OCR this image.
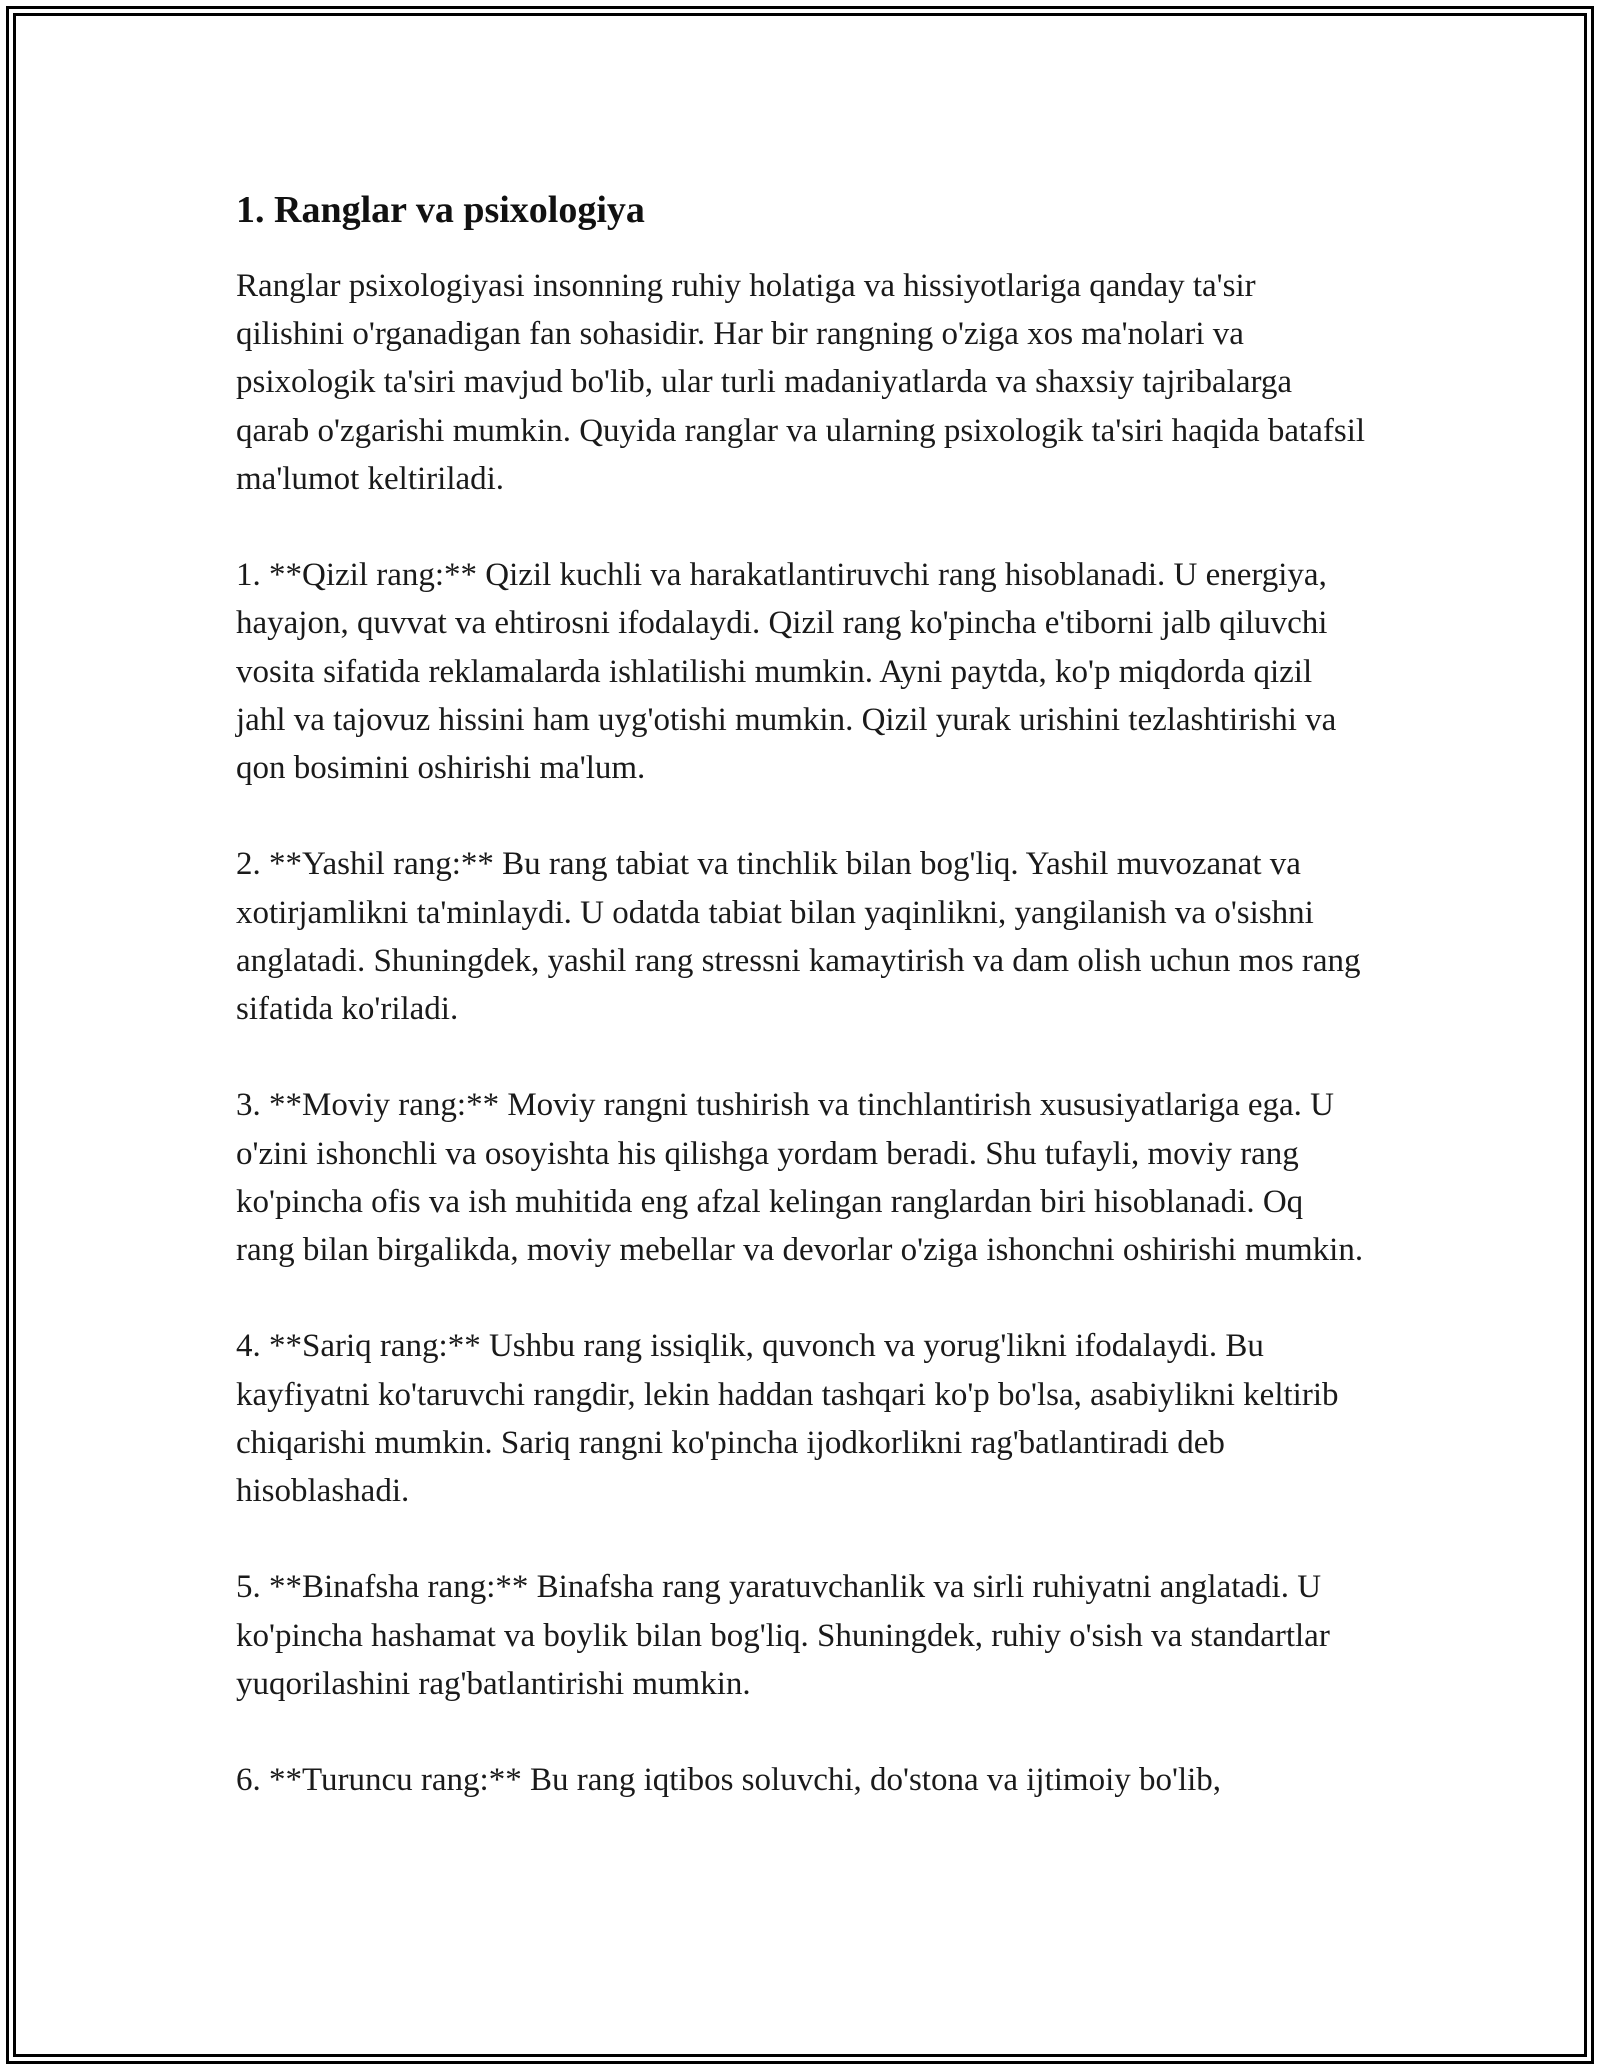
1. Ranglar va psixologiya

Ranglar psixologiyasi insonning ruhiy holatiga va hissiyotlariga qanday ta'sir qilishini o'rganadigan fan sohasidir. Har bir rangning o'ziga xos ma'nolari va psixologik ta'siri mavjud bo'lib, ular turli madaniyatlarda va shaxsiy tajribalarga qarab o'zgarishi mumkin. Quyida ranglar va ularning psixologik ta'siri haqida batafsil ma'lumot keltiriladi.

1. **Qizil rang:** Qizil kuchli va harakatlantiruvchi rang hisoblanadi. U energiya, hayajon, quvvat va ehtirosni ifodalaydi. Qizil rang ko'pincha e'tiborni jalb qiluvchi vosita sifatida reklamalarda ishlatilishi mumkin. Ayni paytda, ko'p miqdorda qizil jahl va tajovuz hissini ham uyg'otishi mumkin. Qizil yurak urishini tezlashtirishi va qon bosimini oshirishi ma'lum.

2. **Yashil rang:** Bu rang tabiat va tinchlik bilan bog'liq. Yashil muvozanat va xotirjamlikni ta'minlaydi. U odatda tabiat bilan yaqinlikni, yangilanish va o'sishni anglatadi. Shuningdek, yashil rang stressni kamaytirish va dam olish uchun mos rang sifatida ko'riladi.

3. **Moviy rang:** Moviy rangni tushirish va tinchlantirish xususiyatlariga ega. U o'zini ishonchli va osoyishta his qilishga yordam beradi. Shu tufayli, moviy rang ko'pincha ofis va ish muhitida eng afzal kelingan ranglardan biri hisoblanadi. Oq rang bilan birgalikda, moviy mebellar va devorlar o'ziga ishonchni oshirishi mumkin.

4. **Sariq rang:** Ushbu rang issiqlik, quvonch va yorug'likni ifodalaydi. Bu kayfiyatni ko'taruvchi rangdir, lekin haddan tashqari ko'p bo'lsa, asabiylikni keltirib chiqarishi mumkin. Sariq rangni ko'pincha ijodkorlikni rag'batlantiradi deb hisoblashadi.

5. **Binafsha rang:** Binafsha rang yaratuvchanlik va sirli ruhiyatni anglatadi. U ko'pincha hashamat va boylik bilan bog'liq. Shuningdek, ruhiy o'sish va standartlar yuqorilashini rag'batlantirishi mumkin.

6. **Turuncu rang:** Bu rang iqtibos soluvchi, do'stona va ijtimoiy bo'lib,
